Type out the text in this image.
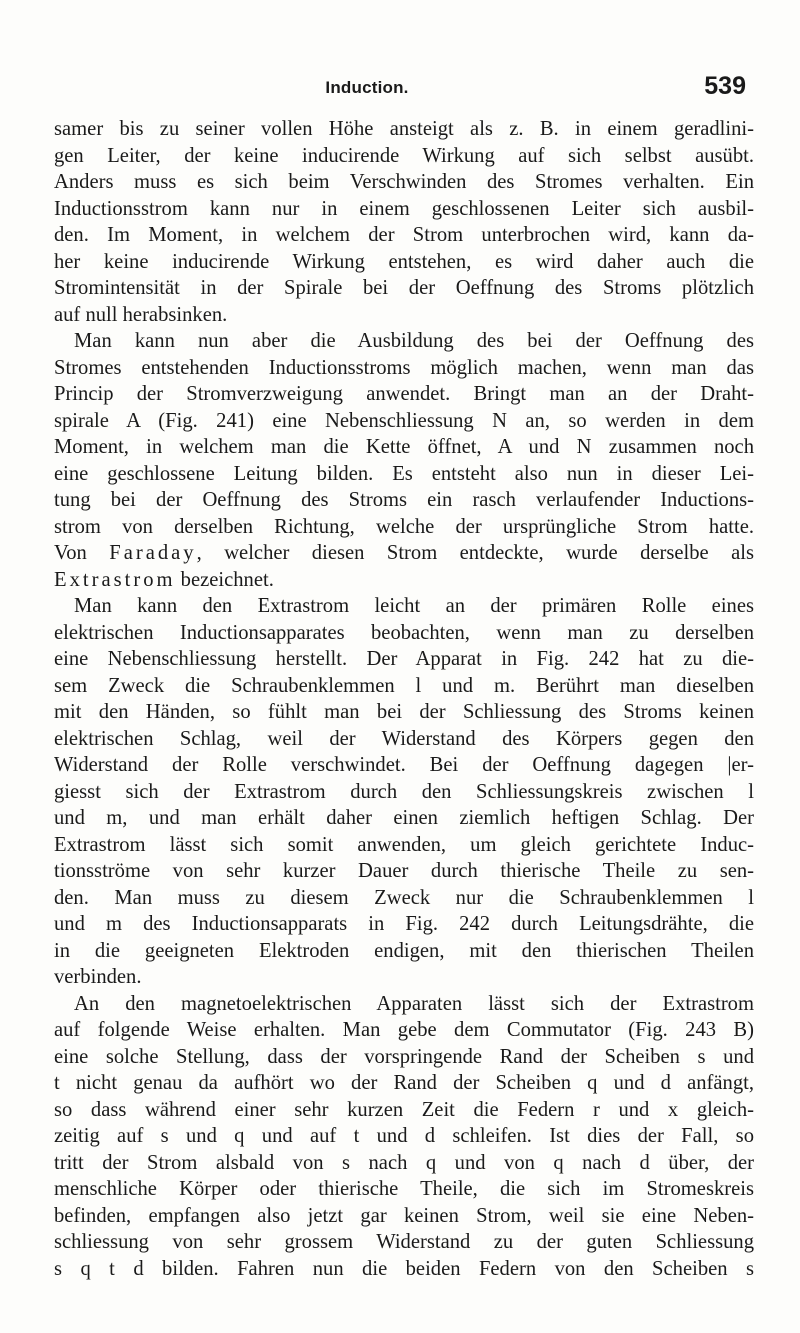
Induction.	539
samer bis zu seiner vollen Höhe ansteigt als z. B. in einem geradlini-
gen Leiter, der keine inducirende Wirkung auf sich selbst ausübt.
Anders muss es sich beim Verschwinden des Stromes verhalten. Ein
Inductionsstrom kann nur in einem geschlossenen Leiter sich ausbil-
den. Im Moment, in welchem der Strom unterbrochen wird, kann da-
her keine inducirende Wirkung entstehen, es wird daher auch die
Stromintensität in der Spirale bei der Oeffnung des Stroms plötzlich
auf null herabsinken.
Man kann nun aber die Ausbildung des bei der Oeffnung des
Stromes entstehenden Inductionsstroms möglich machen, wenn man das
Princip der Stromverzweigung anwendet. Bringt man an der Draht-
spirale A (Fig. 241) eine Nebenschliessung N an, so werden in dem
Moment, in welchem man die Kette öffnet, A und N zusammen noch
eine geschlossene Leitung bilden. Es entsteht also nun in dieser Lei-
tung bei der Oeffnung des Stroms ein rasch verlaufender Inductions-
strom von derselben Richtung, welche der ursprüngliche Strom hatte.
Von Faraday, welcher diesen Strom entdeckte, wurde derselbe als
Extrastrom bezeichnet.
Man kann den Extrastrom leicht an der primären Rolle eines
elektrischen Inductionsapparates beobachten, wenn man zu derselben
eine Nebenschliessung herstellt. Der Apparat in Fig. 242 hat zu die-
sem Zweck die Schraubenklemmen l und m. Berührt man dieselben
mit den Händen, so fühlt man bei der Schliessung des Stroms keinen
elektrischen Schlag, weil der Widerstand des Körpers gegen den
Widerstand der Rolle verschwindet. Bei der Oeffnung dagegen |er-
giesst sich der Extrastrom durch den Schliessungskreis zwischen l
und m, und man erhält daher einen ziemlich heftigen Schlag. Der
Extrastrom lässt sich somit anwenden, um gleich gerichtete Induc-
tionsströme von sehr kurzer Dauer durch thierische Theile zu sen-
den. Man muss zu diesem Zweck nur die Schraubenklemmen l
und m des Inductionsapparats in Fig. 242 durch Leitungsdrähte, die
in die geeigneten Elektroden endigen, mit den thierischen Theilen
verbinden.
An den magnetoelektrischen Apparaten lässt sich der Extrastrom
auf folgende Weise erhalten. Man gebe dem Commutator (Fig. 243 B)
eine solche Stellung, dass der vorspringende Rand der Scheiben s und
t nicht genau da aufhört wo der Rand der Scheiben q und d anfängt,
so dass während einer sehr kurzen Zeit die Federn r und x gleich-
zeitig auf s und q und auf t und d schleifen. Ist dies der Fall, so
tritt der Strom alsbald von s nach q und von q nach d über, der
menschliche Körper oder thierische Theile, die sich im Stromeskreis
befinden, empfangen also jetzt gar keinen Strom, weil sie eine Neben-
schliessung von sehr grossem Widerstand zu der guten Schliessung
s q t d bilden. Fahren nun die beiden Federn von den Scheiben s
